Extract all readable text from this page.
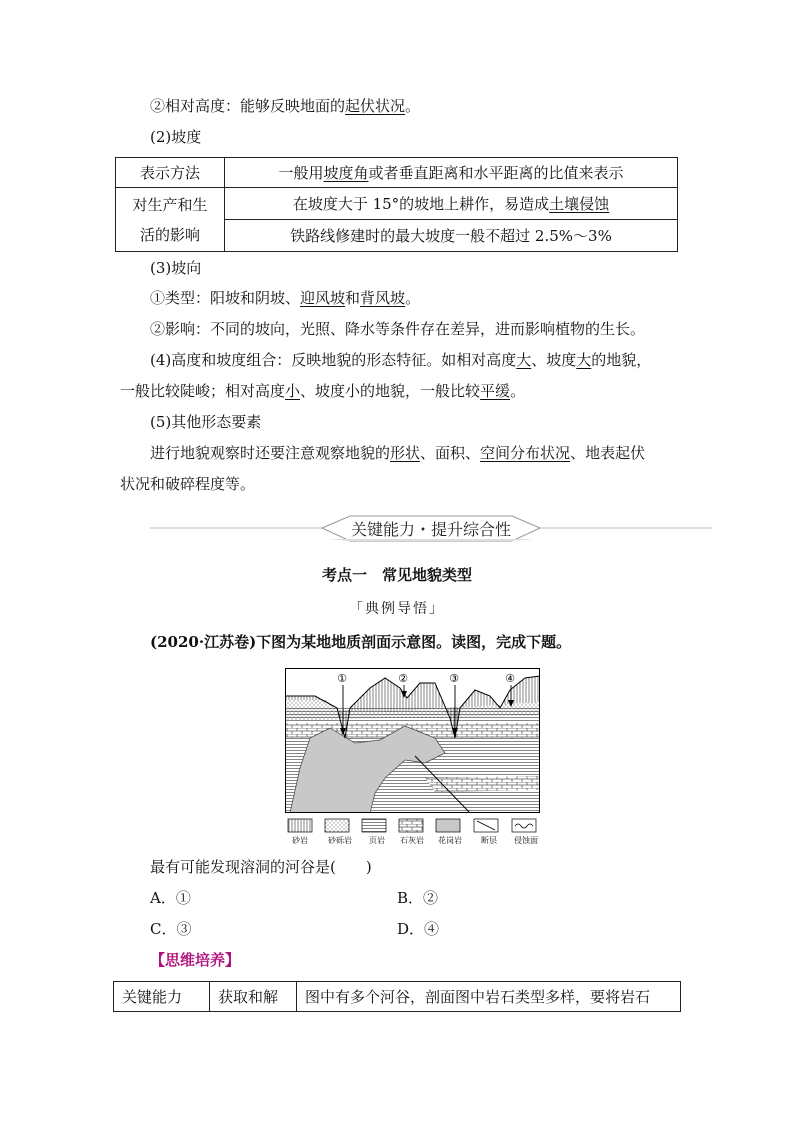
②相对高度：能够反映地面的起伏状况。
(2)坡度
表示方法	一般用坡度角或者垂直距离和水平距离的比值来表示
对生产和生
活的影响	在坡度大于 15°的坡地上耕作，易造成土壤侵蚀
	铁路线修建时的最大坡度一般不超过 2.5%～3%
(3)坡向
①类型：阳坡和阴坡、迎风坡和背风坡。
②影响：不同的坡向，光照、降水等条件存在差异，进而影响植物的生长。
(4)高度和坡度组合：反映地貌的形态特征。如相对高度大、坡度大的地貌，
一般比较陡峻；相对高度小、坡度小的地貌，一般比较平缓。
(5)其他形态要素
进行地貌观察时还要注意观察地貌的形状、面积、空间分布状况、地表起伏
状况和破碎程度等。
关键能力・提升综合性
考点一　常见地貌类型
「典例导悟」
(2020·江苏卷)下图为某地地质剖面示意图。读图，完成下题。
①	②	③	④
砂岩	砂砾岩	页岩	石灰岩	花岗岩	断层	侵蚀面
最有可能发现溶洞的河谷是(　　)
A．①	B．②
C．③	D．④
【思维培养】
关键能力	获取和解	图中有多个河谷，剖面图中岩石类型多样，要将岩石
